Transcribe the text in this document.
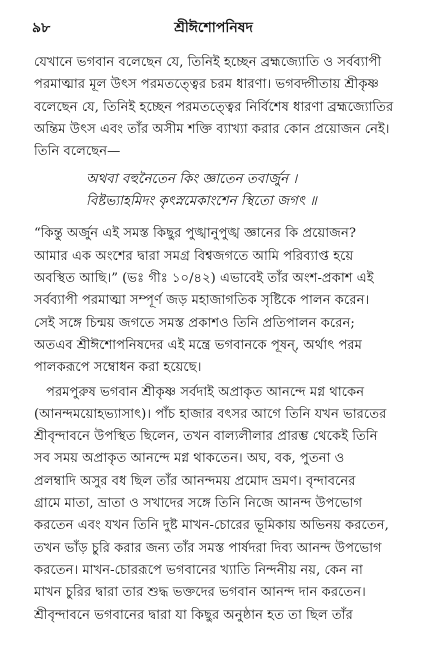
৯৮	শ্রীঈশোপনিষদ
যেখানে ভগবান বলেছেন যে, তিনিই হচ্ছেন ব্রহ্মজ্যোতি ও সর্বব্যাপী
পরমাত্মার মূল উৎস পরমতত্ত্বের চরম ধারণা। ভগবদ্গীতায় শ্রীকৃষ্ণ
বলেছেন যে, তিনিই হচ্ছেন পরমতত্ত্বের নির্বিশেষ ধারণা ব্রহ্মজ্যোতির
অন্তিম উৎস এবং তাঁর অসীম শক্তি ব্যাখ্যা করার কোন প্রয়োজন নেই।
তিনি বলেছেন—
অথবা বহুনৈতেন কিং জ্ঞাতেন তবার্জুন ।
বিষ্টভ্যাহমিদং কৃৎস্নমেকাংশেন স্থিতো জগৎ ॥
“কিন্তু অর্জুন এই সমস্ত কিছুর পুঙ্খানুপুঙ্খ জ্ঞানের কি প্রয়োজন?
আমার এক অংশের দ্বারা সমগ্র বিশ্বজগতে আমি পরিব্যাপ্ত হয়ে
অবস্থিত আছি।” (ভঃ গীঃ ১০/৪২) এভাবেই তাঁর অংশ-প্রকাশ এই
সর্বব্যাপী পরমাত্মা সম্পূর্ণ জড় মহাজাগতিক সৃষ্টিকে পালন করেন।
সেই সঙ্গে চিন্ময় জগতে সমস্ত প্রকাশও তিনি প্রতিপালন করেন;
অতএব শ্রীঈশোপনিষদের এই মন্ত্রে ভগবানকে পূষন্, অর্থাৎ পরম
পালকরূপে সম্বোধন করা হয়েছে।
পরমপুরুষ ভগবান শ্রীকৃষ্ণ সর্বদাই অপ্রাকৃত আনন্দে মগ্ন থাকেন
(আনন্দময়োহভ্যাসাৎ)। পাঁচ হাজার বৎসর আগে তিনি যখন ভারতের
শ্রীবৃন্দাবনে উপস্থিত ছিলেন, তখন বাল্যলীলার প্রারম্ভ থেকেই তিনি
সব সময় অপ্রাকৃত আনন্দে মগ্ন থাকতেন। অঘ, বক, পুতনা ও
প্রলম্বাদি অসুর বধ ছিল তাঁর আনন্দময় প্রমোদ ভ্রমণ। বৃন্দাবনের
গ্রামে মাতা, ভ্রাতা ও সখাদের সঙ্গে তিনি নিজে আনন্দ উপভোগ
করতেন এবং যখন তিনি দুষ্ট মাখন-চোরের ভূমিকায় অভিনয় করতেন,
তখন ভাঁড় চুরি করার জন্য তাঁর সমস্ত পার্ষদরা দিব্য আনন্দ উপভোগ
করতেন। মাখন-চোররূপে ভগবানের খ্যাতি নিন্দনীয় নয়, কেন না
মাখন চুরির দ্বারা তার শুদ্ধ ভক্তদের ভগবান আনন্দ দান করতেন।
শ্রীবৃন্দাবনে ভগবানের দ্বারা যা কিছুর অনুষ্ঠান হত তা ছিল তাঁর
